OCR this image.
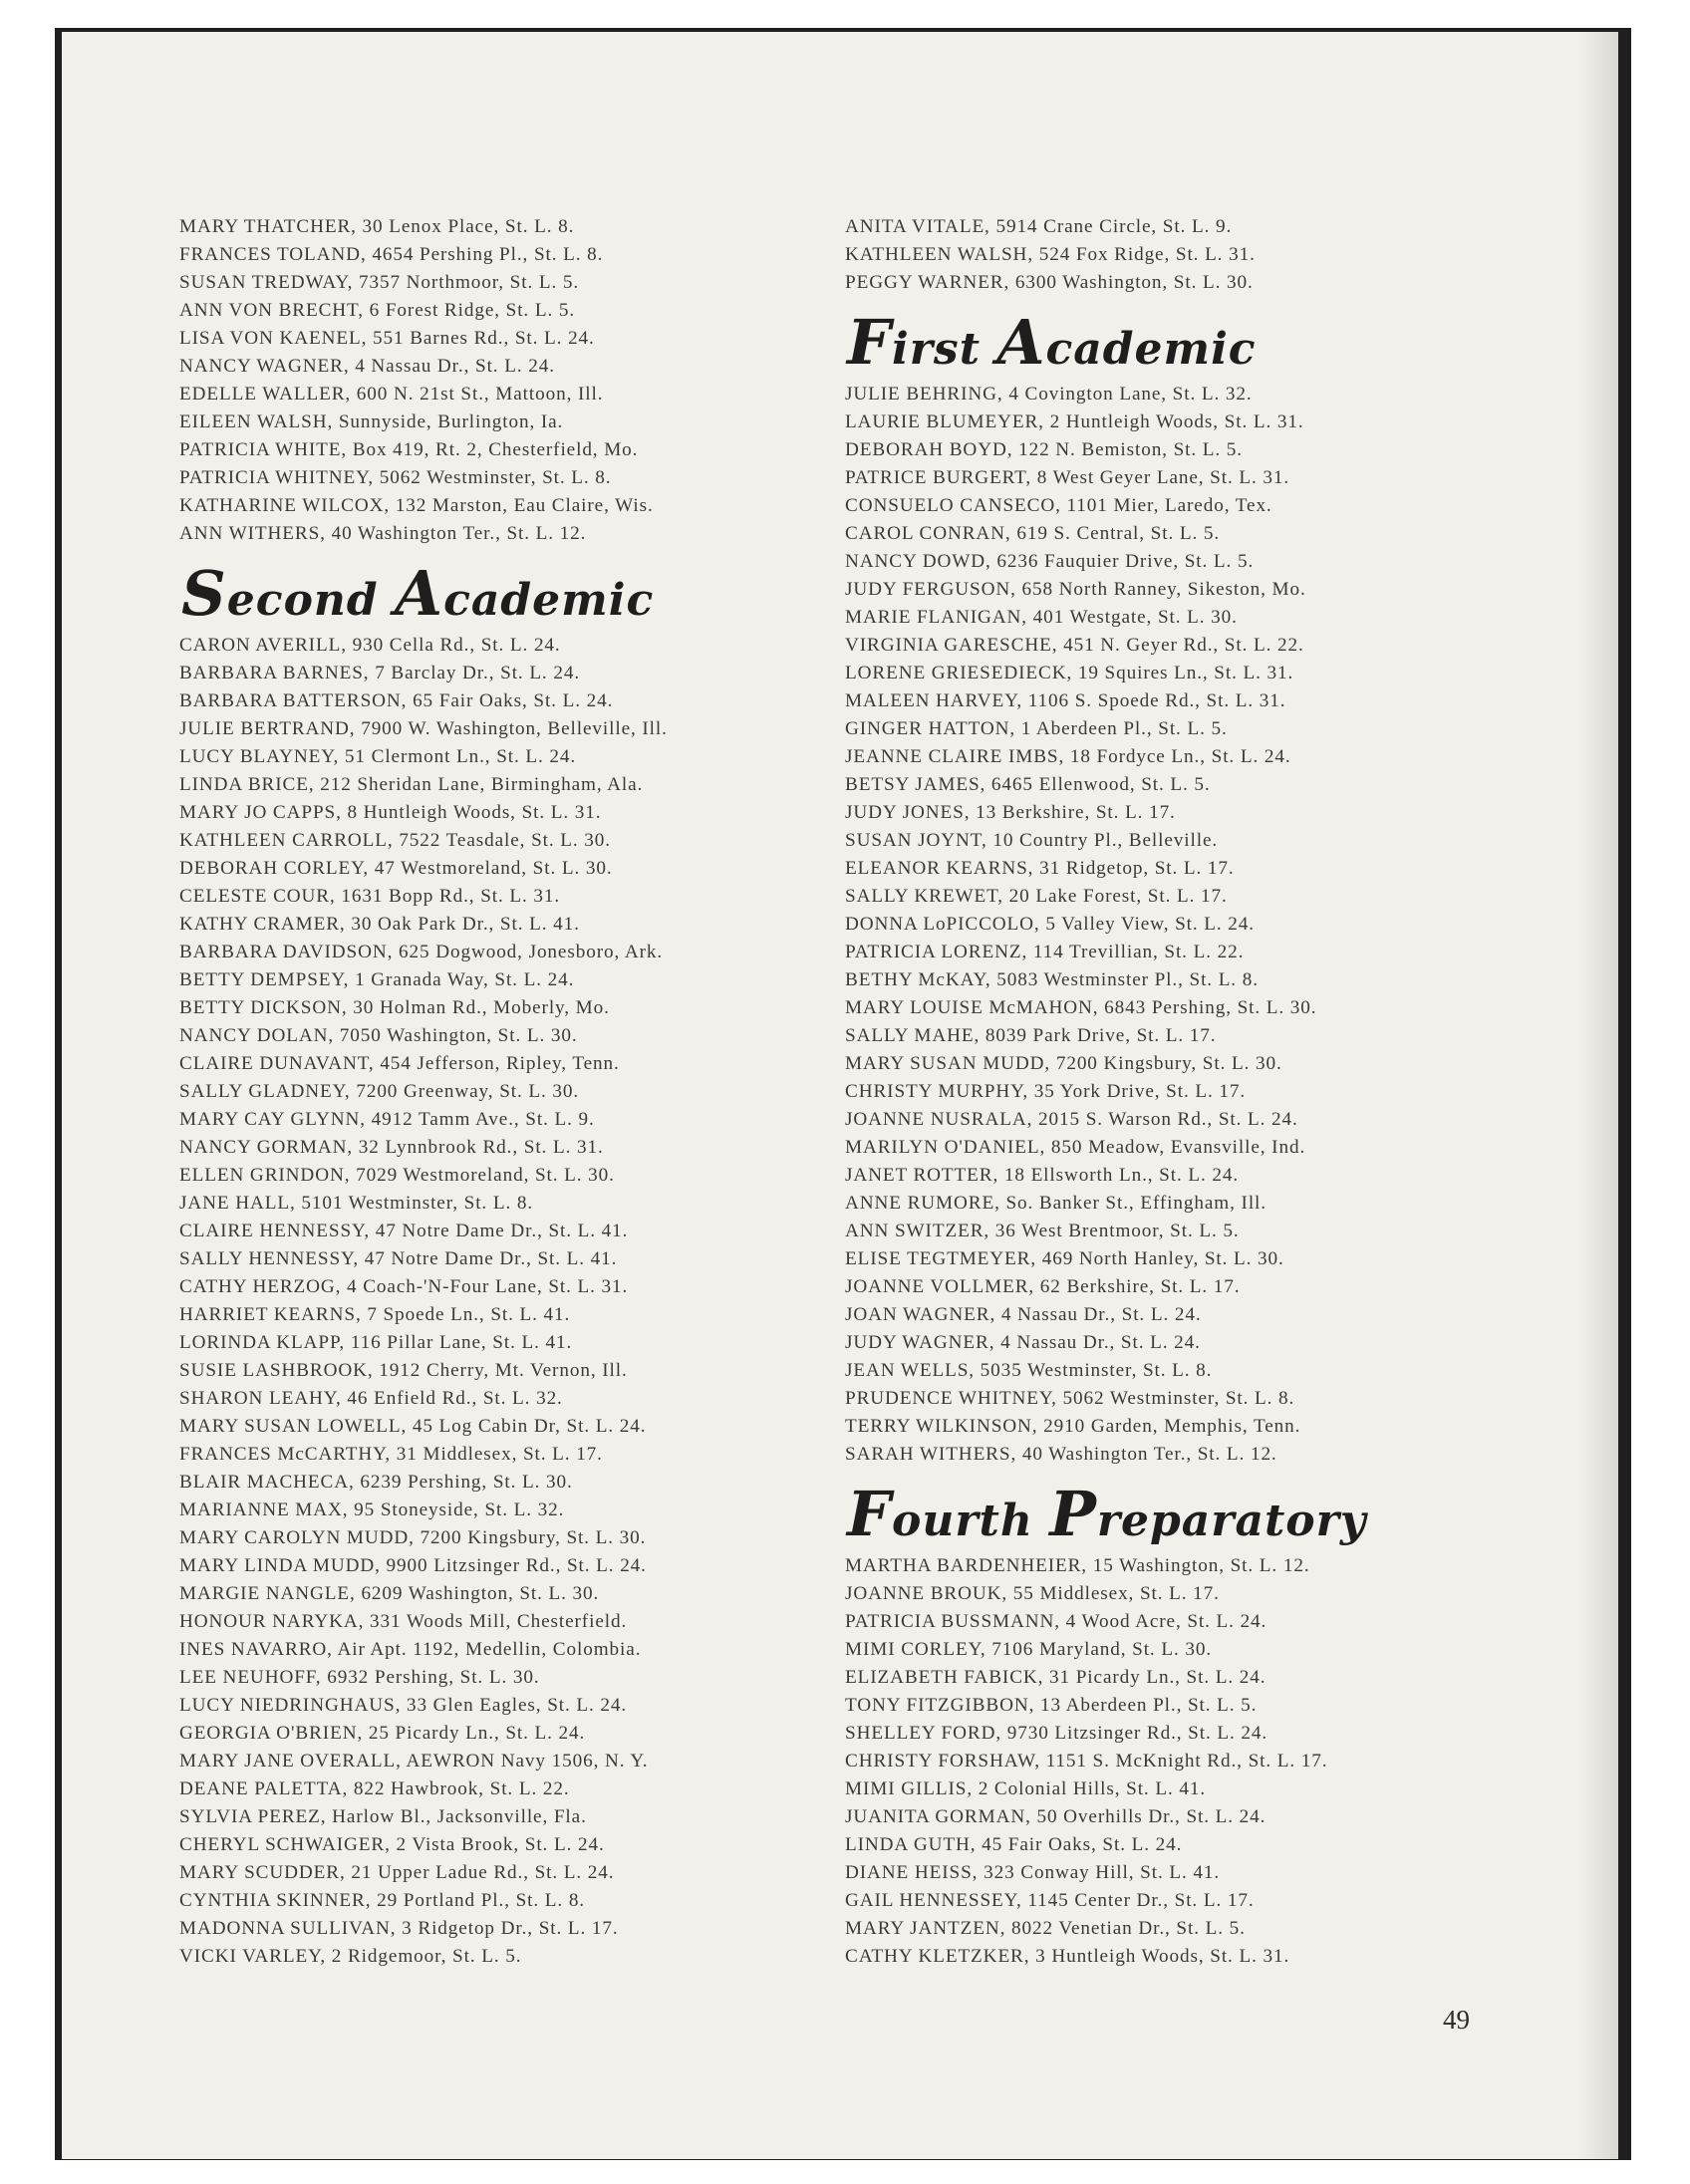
MARY THATCHER, 30 Lenox Place, St. L. 8.
FRANCES TOLAND, 4654 Pershing Pl., St. L. 8.
SUSAN TREDWAY, 7357 Northmoor, St. L. 5.
ANN VON BRECHT, 6 Forest Ridge, St. L. 5.
LISA VON KAENEL, 551 Barnes Rd., St. L. 24.
NANCY WAGNER, 4 Nassau Dr., St. L. 24.
EDELLE WALLER, 600 N. 21st St., Mattoon, Ill.
EILEEN WALSH, Sunnyside, Burlington, Ia.
PATRICIA WHITE, Box 419, Rt. 2, Chesterfield, Mo.
PATRICIA WHITNEY, 5062 Westminster, St. L. 8.
KATHARINE WILCOX, 132 Marston, Eau Claire, Wis.
ANN WITHERS, 40 Washington Ter., St. L. 12.
Second Academic
CARON AVERILL, 930 Cella Rd., St. L. 24.
BARBARA BARNES, 7 Barclay Dr., St. L. 24.
BARBARA BATTERSON, 65 Fair Oaks, St. L. 24.
JULIE BERTRAND, 7900 W. Washington, Belleville, Ill.
LUCY BLAYNEY, 51 Clermont Ln., St. L. 24.
LINDA BRICE, 212 Sheridan Lane, Birmingham, Ala.
MARY JO CAPPS, 8 Huntleigh Woods, St. L. 31.
KATHLEEN CARROLL, 7522 Teasdale, St. L. 30.
DEBORAH CORLEY, 47 Westmoreland, St. L. 30.
CELESTE COUR, 1631 Bopp Rd., St. L. 31.
KATHY CRAMER, 30 Oak Park Dr., St. L. 41.
BARBARA DAVIDSON, 625 Dogwood, Jonesboro, Ark.
BETTY DEMPSEY, 1 Granada Way, St. L. 24.
BETTY DICKSON, 30 Holman Rd., Moberly, Mo.
NANCY DOLAN, 7050 Washington, St. L. 30.
CLAIRE DUNAVANT, 454 Jefferson, Ripley, Tenn.
SALLY GLADNEY, 7200 Greenway, St. L. 30.
MARY CAY GLYNN, 4912 Tamm Ave., St. L. 9.
NANCY GORMAN, 32 Lynnbrook Rd., St. L. 31.
ELLEN GRINDON, 7029 Westmoreland, St. L. 30.
JANE HALL, 5101 Westminster, St. L. 8.
CLAIRE HENNESSY, 47 Notre Dame Dr., St. L. 41.
SALLY HENNESSY, 47 Notre Dame Dr., St. L. 41.
CATHY HERZOG, 4 Coach-'N-Four Lane, St. L. 31.
HARRIET KEARNS, 7 Spoede Ln., St. L. 41.
LORINDA KLAPP, 116 Pillar Lane, St. L. 41.
SUSIE LASHBROOK, 1912 Cherry, Mt. Vernon, Ill.
SHARON LEAHY, 46 Enfield Rd., St. L. 32.
MARY SUSAN LOWELL, 45 Log Cabin Dr, St. L. 24.
FRANCES McCARTHY, 31 Middlesex, St. L. 17.
BLAIR MACHECA, 6239 Pershing, St. L. 30.
MARIANNE MAX, 95 Stoneyside, St. L. 32.
MARY CAROLYN MUDD, 7200 Kingsbury, St. L. 30.
MARY LINDA MUDD, 9900 Litzsinger Rd., St. L. 24.
MARGIE NANGLE, 6209 Washington, St. L. 30.
HONOUR NARYKA, 331 Woods Mill, Chesterfield.
INES NAVARRO, Air Apt. 1192, Medellin, Colombia.
LEE NEUHOFF, 6932 Pershing, St. L. 30.
LUCY NIEDRINGHAUS, 33 Glen Eagles, St. L. 24.
GEORGIA O'BRIEN, 25 Picardy Ln., St. L. 24.
MARY JANE OVERALL, AEWRON Navy 1506, N. Y.
DEANE PALETTA, 822 Hawbrook, St. L. 22.
SYLVIA PEREZ, Harlow Bl., Jacksonville, Fla.
CHERYL SCHWAIGER, 2 Vista Brook, St. L. 24.
MARY SCUDDER, 21 Upper Ladue Rd., St. L. 24.
CYNTHIA SKINNER, 29 Portland Pl., St. L. 8.
MADONNA SULLIVAN, 3 Ridgetop Dr., St. L. 17.
VICKI VARLEY, 2 Ridgemoor, St. L. 5.
ANITA VITALE, 5914 Crane Circle, St. L. 9.
KATHLEEN WALSH, 524 Fox Ridge, St. L. 31.
PEGGY WARNER, 6300 Washington, St. L. 30.
First Academic
JULIE BEHRING, 4 Covington Lane, St. L. 32.
LAURIE BLUMEYER, 2 Huntleigh Woods, St. L. 31.
DEBORAH BOYD, 122 N. Bemiston, St. L. 5.
PATRICE BURGERT, 8 West Geyer Lane, St. L. 31.
CONSUELO CANSECO, 1101 Mier, Laredo, Tex.
CAROL CONRAN, 619 S. Central, St. L. 5.
NANCY DOWD, 6236 Fauquier Drive, St. L. 5.
JUDY FERGUSON, 658 North Ranney, Sikeston, Mo.
MARIE FLANIGAN, 401 Westgate, St. L. 30.
VIRGINIA GARESCHE, 451 N. Geyer Rd., St. L. 22.
LORENE GRIESEDIECK, 19 Squires Ln., St. L. 31.
MALEEN HARVEY, 1106 S. Spoede Rd., St. L. 31.
GINGER HATTON, 1 Aberdeen Pl., St. L. 5.
JEANNE CLAIRE IMBS, 18 Fordyce Ln., St. L. 24.
BETSY JAMES, 6465 Ellenwood, St. L. 5.
JUDY JONES, 13 Berkshire, St. L. 17.
SUSAN JOYNT, 10 Country Pl., Belleville.
ELEANOR KEARNS, 31 Ridgetop, St. L. 17.
SALLY KREWET, 20 Lake Forest, St. L. 17.
DONNA LoPICCOLO, 5 Valley View, St. L. 24.
PATRICIA LORENZ, 114 Trevillian, St. L. 22.
BETHY McKAY, 5083 Westminster Pl., St. L. 8.
MARY LOUISE McMAHON, 6843 Pershing, St. L. 30.
SALLY MAHE, 8039 Park Drive, St. L. 17.
MARY SUSAN MUDD, 7200 Kingsbury, St. L. 30.
CHRISTY MURPHY, 35 York Drive, St. L. 17.
JOANNE NUSRALA, 2015 S. Warson Rd., St. L. 24.
MARILYN O'DANIEL, 850 Meadow, Evansville, Ind.
JANET ROTTER, 18 Ellsworth Ln., St. L. 24.
ANNE RUMORE, So. Banker St., Effingham, Ill.
ANN SWITZER, 36 West Brentmoor, St. L. 5.
ELISE TEGTMEYER, 469 North Hanley, St. L. 30.
JOANNE VOLLMER, 62 Berkshire, St. L. 17.
JOAN WAGNER, 4 Nassau Dr., St. L. 24.
JUDY WAGNER, 4 Nassau Dr., St. L. 24.
JEAN WELLS, 5035 Westminster, St. L. 8.
PRUDENCE WHITNEY, 5062 Westminster, St. L. 8.
TERRY WILKINSON, 2910 Garden, Memphis, Tenn.
SARAH WITHERS, 40 Washington Ter., St. L. 12.
Fourth Preparatory
MARTHA BARDENHEIER, 15 Washington, St. L. 12.
JOANNE BROUK, 55 Middlesex, St. L. 17.
PATRICIA BUSSMANN, 4 Wood Acre, St. L. 24.
MIMI CORLEY, 7106 Maryland, St. L. 30.
ELIZABETH FABICK, 31 Picardy Ln., St. L. 24.
TONY FITZGIBBON, 13 Aberdeen Pl., St. L. 5.
SHELLEY FORD, 9730 Litzsinger Rd., St. L. 24.
CHRISTY FORSHAW, 1151 S. McKnight Rd., St. L. 17.
MIMI GILLIS, 2 Colonial Hills, St. L. 41.
JUANITA GORMAN, 50 Overhills Dr., St. L. 24.
LINDA GUTH, 45 Fair Oaks, St. L. 24.
DIANE HEISS, 323 Conway Hill, St. L. 41.
GAIL HENNESSEY, 1145 Center Dr., St. L. 17.
MARY JANTZEN, 8022 Venetian Dr., St. L. 5.
CATHY KLETZKER, 3 Huntleigh Woods, St. L. 31.
49
